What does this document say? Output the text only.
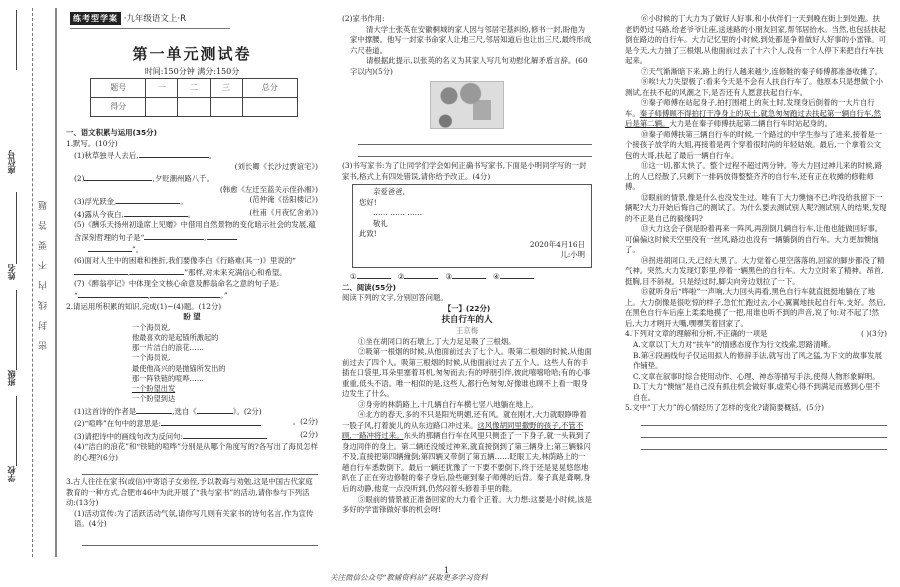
座位号
姓名
班级
学校
密封线内不要答题
练考型学案 ·九年级语文上·R
第一单元测试卷
时间:150分钟 满分:150分
题号	一	二	三	总分
得分				

一、语文积累与运用(35分)

1.默写。(10分)

(1)秋草独寻人去后,	。

(刘长卿《长沙过贾谊宅》)

(2)	,夕贬潮州路八千。

(韩愈《左迁至蓝关示侄孙湘》)

(3)浮光跃金,	。	(范仲淹《岳阳楼记》)

(4)露从今夜白,	。	(杜甫《月夜忆舍弟》)

(5)《酬乐天扬州初逢席上见赠》中借用自然景物的变化暗示社会的发展,蕴含深刻哲理的句子是“	,
”。

(6)面对人生中的困难和挫折,我们要像李白《行路难(其一)》里说的“,	”那样,对未来充满信心和希望。

(7)《醉翁亭记》中体现全文核心命意及醉翁命名之意的句子是:
“	,	。”

2.请运用所积累的知识,完成(1)~(4)题。(12分)

盼 望

一个海员说,
他最喜欢的是起锚所激起的
那一片洁白的浪花……
一个海员说,
最使他高兴的是抛锚所发出的
那一阵铁链的喧哗……
一个盼望出发
一个盼望到达

(1)这首诗的作者是	,选自《	》。(2分)

(2)“喧哗”在句中的意思是:	。(2分)

(3)请把诗中的画线句改为反问句:	(2分)

(4)“洁白的浪花”和“铁链的喧哗”分别是从哪个角度写的?各写出了海员怎样的心理?(6分)

3.古人往往在家书(或信)中寄语子女弟侄,予以教诲与劝勉,这是中国古代家庭教育的一种方式,合肥市46中为此开展了“我与家书”的活动,请你参与下列活动:(13分)

(1)活动宣传:为了活跃活动气氛,请你写几则有关家书的诗句名言,作为宣传语。(4分)

(2)家书作用:

清大学士张英在安徽桐城的家人因与邻居宅基纠纷,修书一封,盼他为家中撑腰。他写一封家书命家人让地三尺,邻居知道后也让出三尺,最终形成六尺巷道。

请根据此提示,以张英的名义为其家人写几句劝慰化解矛盾言辞。(60字以内)(5分)

(3)书写家书:为了让同学们学会如何正确书写家书,下面是小明同学写的一封家书,格式上有四处错误,请你给予改正。(4分)

亲爱爸爸,
您好!
…… …… ……
敬礼
此致!
2020年4月16日
儿:小明

①	②	③	④

二、阅读(55分)

阅读下列的文字,分别回答问题。

【一】(22分)

扶自行车的人

王京梅

①坐在胡同口的石墩上,丁大力足足吸了三根烟。

②吸第一根烟的时候,从他面前过去了七个人。吸第二根烟的时候,从他面前过去了四个人。吸第三根烟的时候,从他面前过去了五个人。这些人有的手插在口袋里,耳朵里塞着耳机,匆匆而去;有的呼朋引伴,彼此嘻嘻哈哈;有的心事重重,低头不语。唯一相似的是,这些人,都行色匆匆,好像谁也顾不上看一眼身边发生了什么。

③身旁的林荫路上,十几辆自行车横七竖八地躺在地上。

④北方的春天,多的不只是阳光明媚,还有风。就在刚才,大力就眼睁睁着一股子风,打着旋儿的从东边路口冲过来。这风像胡同里撒野的孩子,不管不顾,一路冲将过来。东头的那辆自行车在风里只侧歪了一下身子,就一头栽到了身边同伴的身上。第二辆还没缓过神来,就直接倒到了第三辆身上;第三辆躲闪不及,直接把第四辆撞倒;第四辆又带倒了第五辆……眨眼工夫,林荫路上的一趟自行车悉数倒下。最后一辆还犹豫了一下要不要倒下,终于还是晃晃悠悠地趴在了正在旁边修鞋的秦子身后,险些砸到秦子师傅的后背。秦子真是聋啊,身后的动静,他竟一点没听到,仍然闷着头修着手里的鞋。

⑤眼前的情景被正准备回家的大力看个正着。大力想:这要是小时候,该是多好的学雷锋做好事的机会呀!

⑥小时候的丁大力为了做好人好事,和小伙伴们一天到晚在街上到处跑。扶老奶奶过马路,给老爷爷让座,送迷路的小朋友回家,帮邻居抬水。当然,也包括扶起倒在路边的自行车。大力记忆里的小时候,到处都是争着做好人好事的小雷锋。可是今天,大力抽了三根烟,从他面前过去了十六个人,没有一个人停下来把自行车扶起来。

⑦天气渐渐暗下来,路上的行人越来越少,连修鞋的秦子师傅都准备收摊了。

⑧唉!大力失望极了:看来今天是不会有人扶自行车了。他原本只是想做个小测试,在扶不起的风潮之下,是否还有人愿意扶起自行车。

⑨秦子师傅在站起身子,拍打围裙上的灰土时,发现身后倒着的一大片自行车。秦子师傅顾不得拍打干净身上的灰土,就急匆匆跑过去扶起第一辆自行车,然后是第二辆。大力是在秦子师傅扶起第二辆自行车时站起身的。

⑩秦子师傅扶第三辆自行车的时候,一个路过的中学生参与了进来,接着是一个接孩子放学的大姐,再接着是两个穿着很时尚的年轻姑娘。最后,一个拿着公文包的大哥,扶起了最后一辆自行车。

⑪这一切,都太快了。整个过程不超过两分钟。等大力回过神儿来的时候,路上的人已经散了,只剩下一排码放得整整齐齐的自行车,还有正在收摊的修鞋师傅。

⑫眼前的情景,像是什么也没发生过。唯有丁大力懊恼不已:咋没给我留下一辆呢?大力开始后悔自己的测试了。为什么要去测试别人呢?测试别人的结果,发现的不正是自己的毅缘吗?

⑬大力这会子倒是盼着再来一阵风,再刮倒几辆自行车,让他也能做回好事。可偏偏这时候天空里没有一丝风,路边也没有一辆躺倒的自行车。大力更加懊恼了。

⑭拐进胡同口,天,已经大黑了。大力觉着心里空落落的,回家的脚步都没了精气神。突然,大力发现灯影里,停着一辆黑色的自行车。大力立时来了精神。昂首,挺胸,目不斜视。只是经过时,脚尖向旁边划拉了一下。

⑮就听身后“哗啦”一声响,大力回头再看,黑色自行车就直挺挺地躺在了地上。大力倒像是很吃惊的样子,急忙忙跑过去,小心翼翼地扶起自行车,支好。然后,在黑色自行车后座上柔柔地摸了一把,用谁也听不到的声音,说了句:对不起了!然后,大力才咧开大嘴,嘿嘿笑着回家了。

4.下列对文章的理解和分析,不正确的一项是	( )(3分)

A.文章以丁大力对“扶车”的情感态度作为行文线索,思路清晰。

B.第④段画线句子仅运用拟人的修辞手法,就写出了风之猛,为下文的故事发展作铺垫。

C.文章在叙事时综合使用动作、心理、神态等描写手法,使得人物形象鲜明。

D.丁大力“懊恼”是自己没有抓住机会做好事,虚荣心得不到满足而感到心里不自在。

5.文中“丁大力”的心情经历了怎样的变化?请简要概括。(5分)

1
关注微信公众号“教辅资料站”获取更多学习资料
